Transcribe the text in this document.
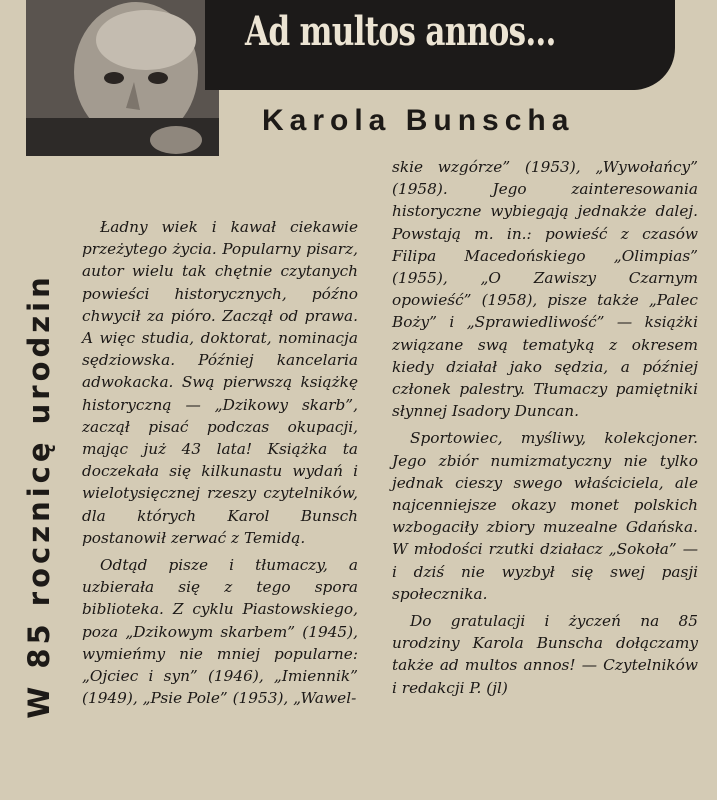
Ad multos annos...
Karola Bunscha
W 85 rocznicę urodzin

Ładny wiek i kawał ciekawie przeżytego życia. Popularny pisarz, autor wielu tak chętnie czytanych powieści historycznych, późno chwycił za pióro. Zaczął od prawa. A więc studia, doktorat, nominacja sędziowska. Później kancelaria adwokacka. Swą pierwszą książkę historyczną — „Dzikowy skarb”, zaczął pisać podczas okupacji, mając już 43 lata! Książka ta doczekała się kilkunastu wydań i wielotysięcznej rzeszy czytelników, dla których Karol Bunsch postanowił zerwać z Temidą.

Odtąd pisze i tłumaczy, a uzbierała się z tego spora biblioteka. Z cyklu Piastowskiego, poza „Dzikowym skarbem” (1945), wymieńmy nie mniej popularne: „Ojciec i syn” (1946), „Imiennik” (1949), „Psie Pole” (1953), „Wawel-

skie wzgórze” (1953), „Wywołańcy” (1958). Jego zainteresowania historyczne wybiegają jednakże dalej. Powstają m. in.: powieść z czasów Filipa Macedońskiego „Olimpias” (1955), „O Zawiszy Czarnym opowieść” (1958), pisze także „Palec Boży” i „Sprawiedliwość” — książki związane swą tematyką z okresem kiedy działał jako sędzia, a później członek palestry. Tłumaczy pamiętniki słynnej Isadory Duncan.

Sportowiec, myśliwy, kolekcjoner. Jego zbiór numizmatyczny nie tylko jednak cieszy swego właściciela, ale najcenniejsze okazy monet polskich wzbogaciły zbiory muzealne Gdańska. W młodości rzutki działacz „Sokoła” — i dziś nie wyzbył się swej pasji społecznika.

Do gratulacji i życzeń na 85 urodziny Karola Bunscha dołączamy także ad multos annos! — Czytelników i redakcji P. (jl)
